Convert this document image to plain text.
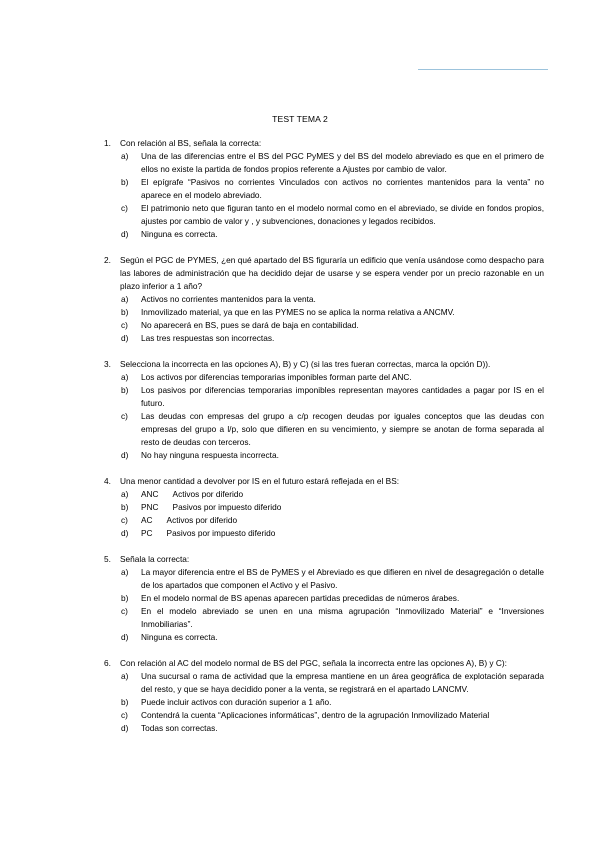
TEST TEMA 2
1.	Con relación al BS, señala la correcta:
a) Una de las diferencias entre el BS del PGC PyMES y del BS del modelo abreviado es que en el primero de ellos no existe la partida de fondos propios referente a Ajustes por cambio de valor.
b) El epígrafe “Pasivos no corrientes Vinculados con activos no corrientes mantenidos para la venta” no aparece en el modelo abreviado.
c) El patrimonio neto que figuran tanto en el modelo normal como en el abreviado, se divide en fondos propios, ajustes por cambio de valor y , y subvenciones, donaciones y legados recibidos.
d) Ninguna es correcta.
2.	Según el PGC de PYMES, ¿en qué apartado del BS figuraría un edificio que venía usándose como despacho para las labores de administración que ha decidido dejar de usarse y se espera vender por un precio razonable en un plazo inferior a 1 año?
a) Activos no corrientes mantenidos para la venta.
b) Inmovilizado material, ya que en las PYMES no se aplica la norma relativa a ANCMV.
c) No aparecerá en BS, pues se dará de baja en contabilidad.
d) Las tres respuestas son incorrectas.
3.	Selecciona la incorrecta en las opciones A), B) y C) (si las tres fueran correctas, marca la opción D)).
a) Los activos por diferencias temporarias imponibles forman parte del ANC.
b) Los pasivos por diferencias temporarias imponibles representan mayores cantidades a pagar por IS en el futuro.
c) Las deudas con empresas del grupo a c/p recogen deudas por iguales conceptos que las deudas con empresas del grupo a l/p, solo que difieren en su vencimiento, y siempre se anotan de forma separada al resto de deudas con terceros.
d) No hay ninguna respuesta incorrecta.
4.	Una menor cantidad a devolver por IS en el futuro estará reflejada en el BS:
a) ANC Activos por diferido
b) PNC Pasivos por impuesto diferido
c) AC Activos por diferido
d) PC Pasivos por impuesto diferido
5.	Señala la correcta:
a) La mayor diferencia entre el BS de PyMES y el Abreviado es que difieren en nivel de desagregación o detalle de los apartados que componen el Activo y el Pasivo.
b) En el modelo normal de BS apenas aparecen partidas precedidas de números árabes.
c) En el modelo abreviado se unen en una misma agrupación “Inmovilizado Material” e “Inversiones Inmobiliarias”.
d) Ninguna es correcta.
6.	Con relación al AC del modelo normal de BS del PGC, señala la incorrecta entre las opciones A), B) y C):
a) Una sucursal o rama de actividad que la empresa mantiene en un área geográfica de explotación separada del resto, y que se haya decidido poner a la venta, se registrará en el apartado LANCMV.
b) Puede incluir activos con duración superior a 1 año.
c) Contendrá la cuenta “Aplicaciones informáticas”, dentro de la agrupación Inmovilizado Material
d) Todas son correctas.
